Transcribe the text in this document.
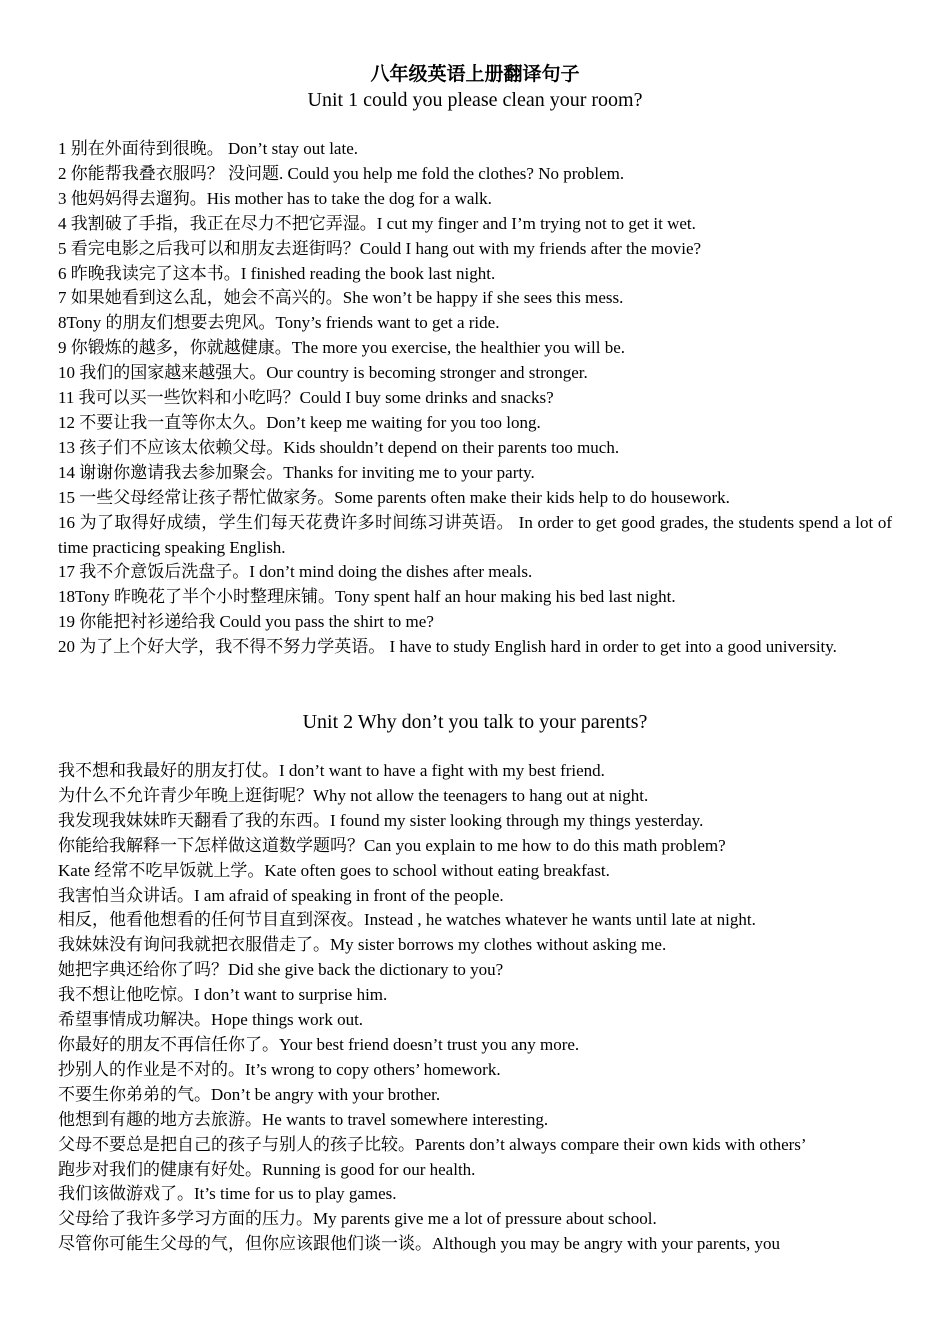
八年级英语上册翻译句子
Unit 1 could you please clean your room?

1 别在外面待到很晚。 Don’t stay out late.

2 你能帮我叠衣服吗？ 没问题. Could you help me fold the clothes? No problem.

3 他妈妈得去遛狗。His mother has to take the dog for a walk.

4 我割破了手指，我正在尽力不把它弄湿。I cut my finger and I’m trying not to get it wet.

5 看完电影之后我可以和朋友去逛街吗？Could I hang out with my friends after the movie?

6 昨晚我读完了这本书。I finished reading the book last night.

7 如果她看到这么乱，她会不高兴的。She won’t be happy if she sees this mess.

8Tony 的朋友们想要去兜风。Tony’s friends want to get a ride.

9 你锻炼的越多，你就越健康。The more you exercise, the healthier you will be.

10 我们的国家越来越强大。Our country is becoming stronger and stronger.

11 我可以买一些饮料和小吃吗？Could I buy some drinks and snacks?

12 不要让我一直等你太久。Don’t keep me waiting for you too long.

13 孩子们不应该太依赖父母。Kids shouldn’t depend on their parents too much.

14 谢谢你邀请我去参加聚会。Thanks for inviting me to your party.

15 一些父母经常让孩子帮忙做家务。Some parents often make their kids help to do housework.

16 为了取得好成绩，学生们每天花费许多时间练习讲英语。 In order to get good grades, the students spend a lot of time practicing speaking English.

17 我不介意饭后洗盘子。I don’t mind doing the dishes after meals.

18Tony 昨晚花了半个小时整理床铺。Tony spent half an hour making his bed last night.

19 你能把衬衫递给我 Could you pass the shirt to me?

20 为了上个好大学，我不得不努力学英语。 I have to study English hard in order to get into a good university.

Unit 2 Why don’t you talk to your parents?

我不想和我最好的朋友打仗。I don’t want to have a fight with my best friend.

为什么不允许青少年晚上逛街呢？Why not allow the teenagers to hang out at night.

我发现我妹妹昨天翻看了我的东西。I found my sister looking through my things yesterday.

你能给我解释一下怎样做这道数学题吗？Can you explain to me how to do this math problem?

Kate 经常不吃早饭就上学。Kate often goes to school without eating breakfast.

我害怕当众讲话。I am afraid of speaking in front of the people.

相反，他看他想看的任何节目直到深夜。Instead , he watches whatever he wants until late at night.

我妹妹没有询问我就把衣服借走了。My sister borrows my clothes without asking me.

她把字典还给你了吗？Did she give back the dictionary to you?

我不想让他吃惊。I don’t want to surprise him.

希望事情成功解决。Hope things work out.

你最好的朋友不再信任你了。Your best friend doesn’t trust you any more.

抄别人的作业是不对的。It’s wrong to copy others’ homework.

不要生你弟弟的气。Don’t be angry with your brother.

他想到有趣的地方去旅游。He wants to travel somewhere interesting.

父母不要总是把自己的孩子与别人的孩子比较。Parents don’t always compare their own kids with others’

跑步对我们的健康有好处。Running is good for our health.

我们该做游戏了。It’s time for us to play games.

父母给了我许多学习方面的压力。My parents give me a lot of pressure about school.

尽管你可能生父母的气，但你应该跟他们谈一谈。Although you may be angry with your parents, you
